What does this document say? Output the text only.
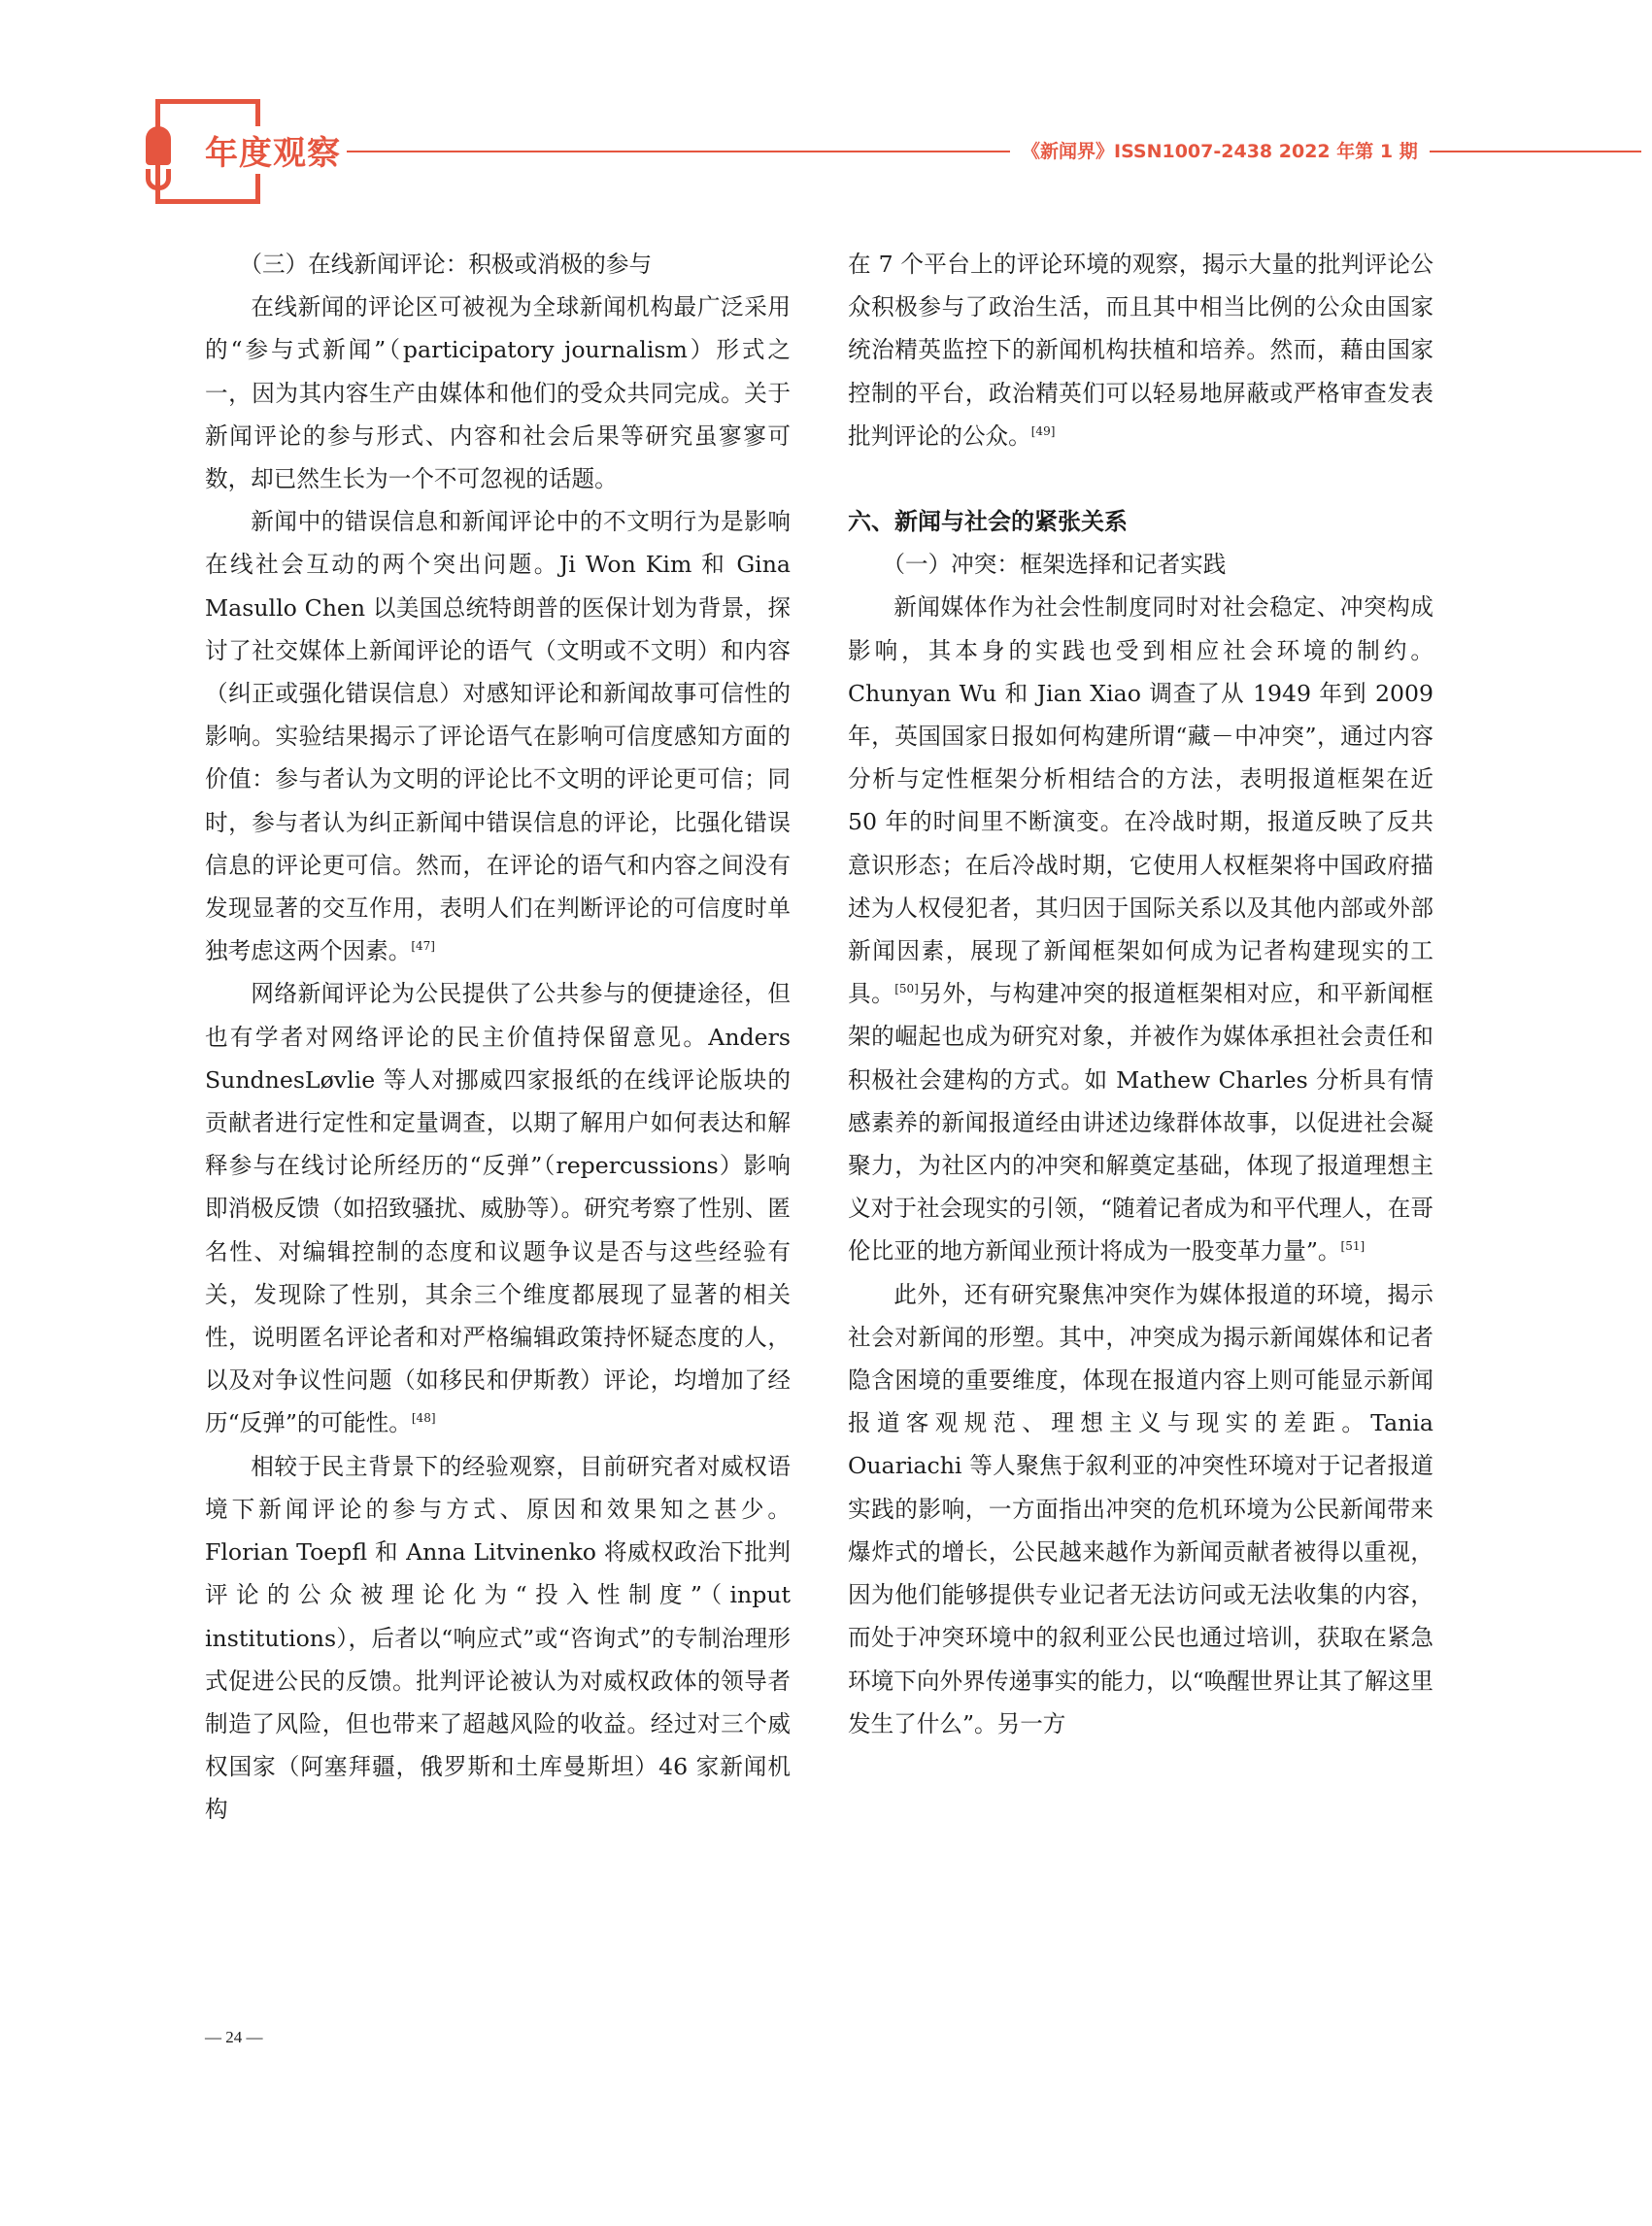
年度观察	《新闻界》ISSN1007-2438 2022 年第 1 期

（三）在线新闻评论：积极或消极的参与

在线新闻的评论区可被视为全球新闻机构最广泛采用的“参与式新闻”（participatory journalism）形式之一，因为其内容生产由媒体和他们的受众共同完成。关于新闻评论的参与形式、内容和社会后果等研究虽寥寥可数，却已然生长为一个不可忽视的话题。

新闻中的错误信息和新闻评论中的不文明行为是影响在线社会互动的两个突出问题。Ji Won Kim 和 Gina Masullo Chen 以美国总统特朗普的医保计划为背景，探讨了社交媒体上新闻评论的语气（文明或不文明）和内容（纠正或强化错误信息）对感知评论和新闻故事可信性的影响。实验结果揭示了评论语气在影响可信度感知方面的价值：参与者认为文明的评论比不文明的评论更可信；同时，参与者认为纠正新闻中错误信息的评论，比强化错误信息的评论更可信。然而，在评论的语气和内容之间没有发现显著的交互作用，表明人们在判断评论的可信度时单独考虑这两个因素。[47]

网络新闻评论为公民提供了公共参与的便捷途径，但也有学者对网络评论的民主价值持保留意见。Anders SundnesLøvlie 等人对挪威四家报纸的在线评论版块的贡献者进行定性和定量调查，以期了解用户如何表达和解释参与在线讨论所经历的“反弹”（repercussions）影响即消极反馈（如招致骚扰、威胁等）。研究考察了性别、匿名性、对编辑控制的态度和议题争议是否与这些经验有关，发现除了性别，其余三个维度都展现了显著的相关性，说明匿名评论者和对严格编辑政策持怀疑态度的人，以及对争议性问题（如移民和伊斯教）评论，均增加了经历“反弹”的可能性。[48]

相较于民主背景下的经验观察，目前研究者对威权语境下新闻评论的参与方式、原因和效果知之甚少。Florian Toepfl 和 Anna Litvinenko 将威权政治下批判评论的公众被理论化为“投入性制度”（input institutions），后者以“响应式”或“咨询式”的专制治理形式促进公民的反馈。批判评论被认为对威权政体的领导者制造了风险，但也带来了超越风险的收益。经过对三个威权国家（阿塞拜疆，俄罗斯和土库曼斯坦）46 家新闻机构

在 7 个平台上的评论环境的观察，揭示大量的批判评论公众积极参与了政治生活，而且其中相当比例的公众由国家统治精英监控下的新闻机构扶植和培养。然而，藉由国家控制的平台，政治精英们可以轻易地屏蔽或严格审查发表批判评论的公众。[49]

六、新闻与社会的紧张关系

（一）冲突：框架选择和记者实践

新闻媒体作为社会性制度同时对社会稳定、冲突构成影响，其本身的实践也受到相应社会环境的制约。Chunyan Wu 和 Jian Xiao 调查了从 1949 年到 2009 年，英国国家日报如何构建所谓“藏－中冲突”，通过内容分析与定性框架分析相结合的方法，表明报道框架在近 50 年的时间里不断演变。在冷战时期，报道反映了反共意识形态；在后冷战时期，它使用人权框架将中国政府描述为人权侵犯者，其归因于国际关系以及其他内部或外部新闻因素，展现了新闻框架如何成为记者构建现实的工具。[50]另外，与构建冲突的报道框架相对应，和平新闻框架的崛起也成为研究对象，并被作为媒体承担社会责任和积极社会建构的方式。如 Mathew Charles 分析具有情感素养的新闻报道经由讲述边缘群体故事，以促进社会凝聚力，为社区内的冲突和解奠定基础，体现了报道理想主义对于社会现实的引领，“随着记者成为和平代理人，在哥伦比亚的地方新闻业预计将成为一股变革力量”。[51]

此外，还有研究聚焦冲突作为媒体报道的环境，揭示社会对新闻的形塑。其中，冲突成为揭示新闻媒体和记者隐含困境的重要维度，体现在报道内容上则可能显示新闻报道客观规范、理想主义与现实的差距。Tania Ouariachi 等人聚焦于叙利亚的冲突性环境对于记者报道实践的影响，一方面指出冲突的危机环境为公民新闻带来爆炸式的增长，公民越来越作为新闻贡献者被得以重视，因为他们能够提供专业记者无法访问或无法收集的内容，而处于冲突环境中的叙利亚公民也通过培训，获取在紧急环境下向外界传递事实的能力，以“唤醒世界让其了解这里发生了什么”。另一方

— 24 —
